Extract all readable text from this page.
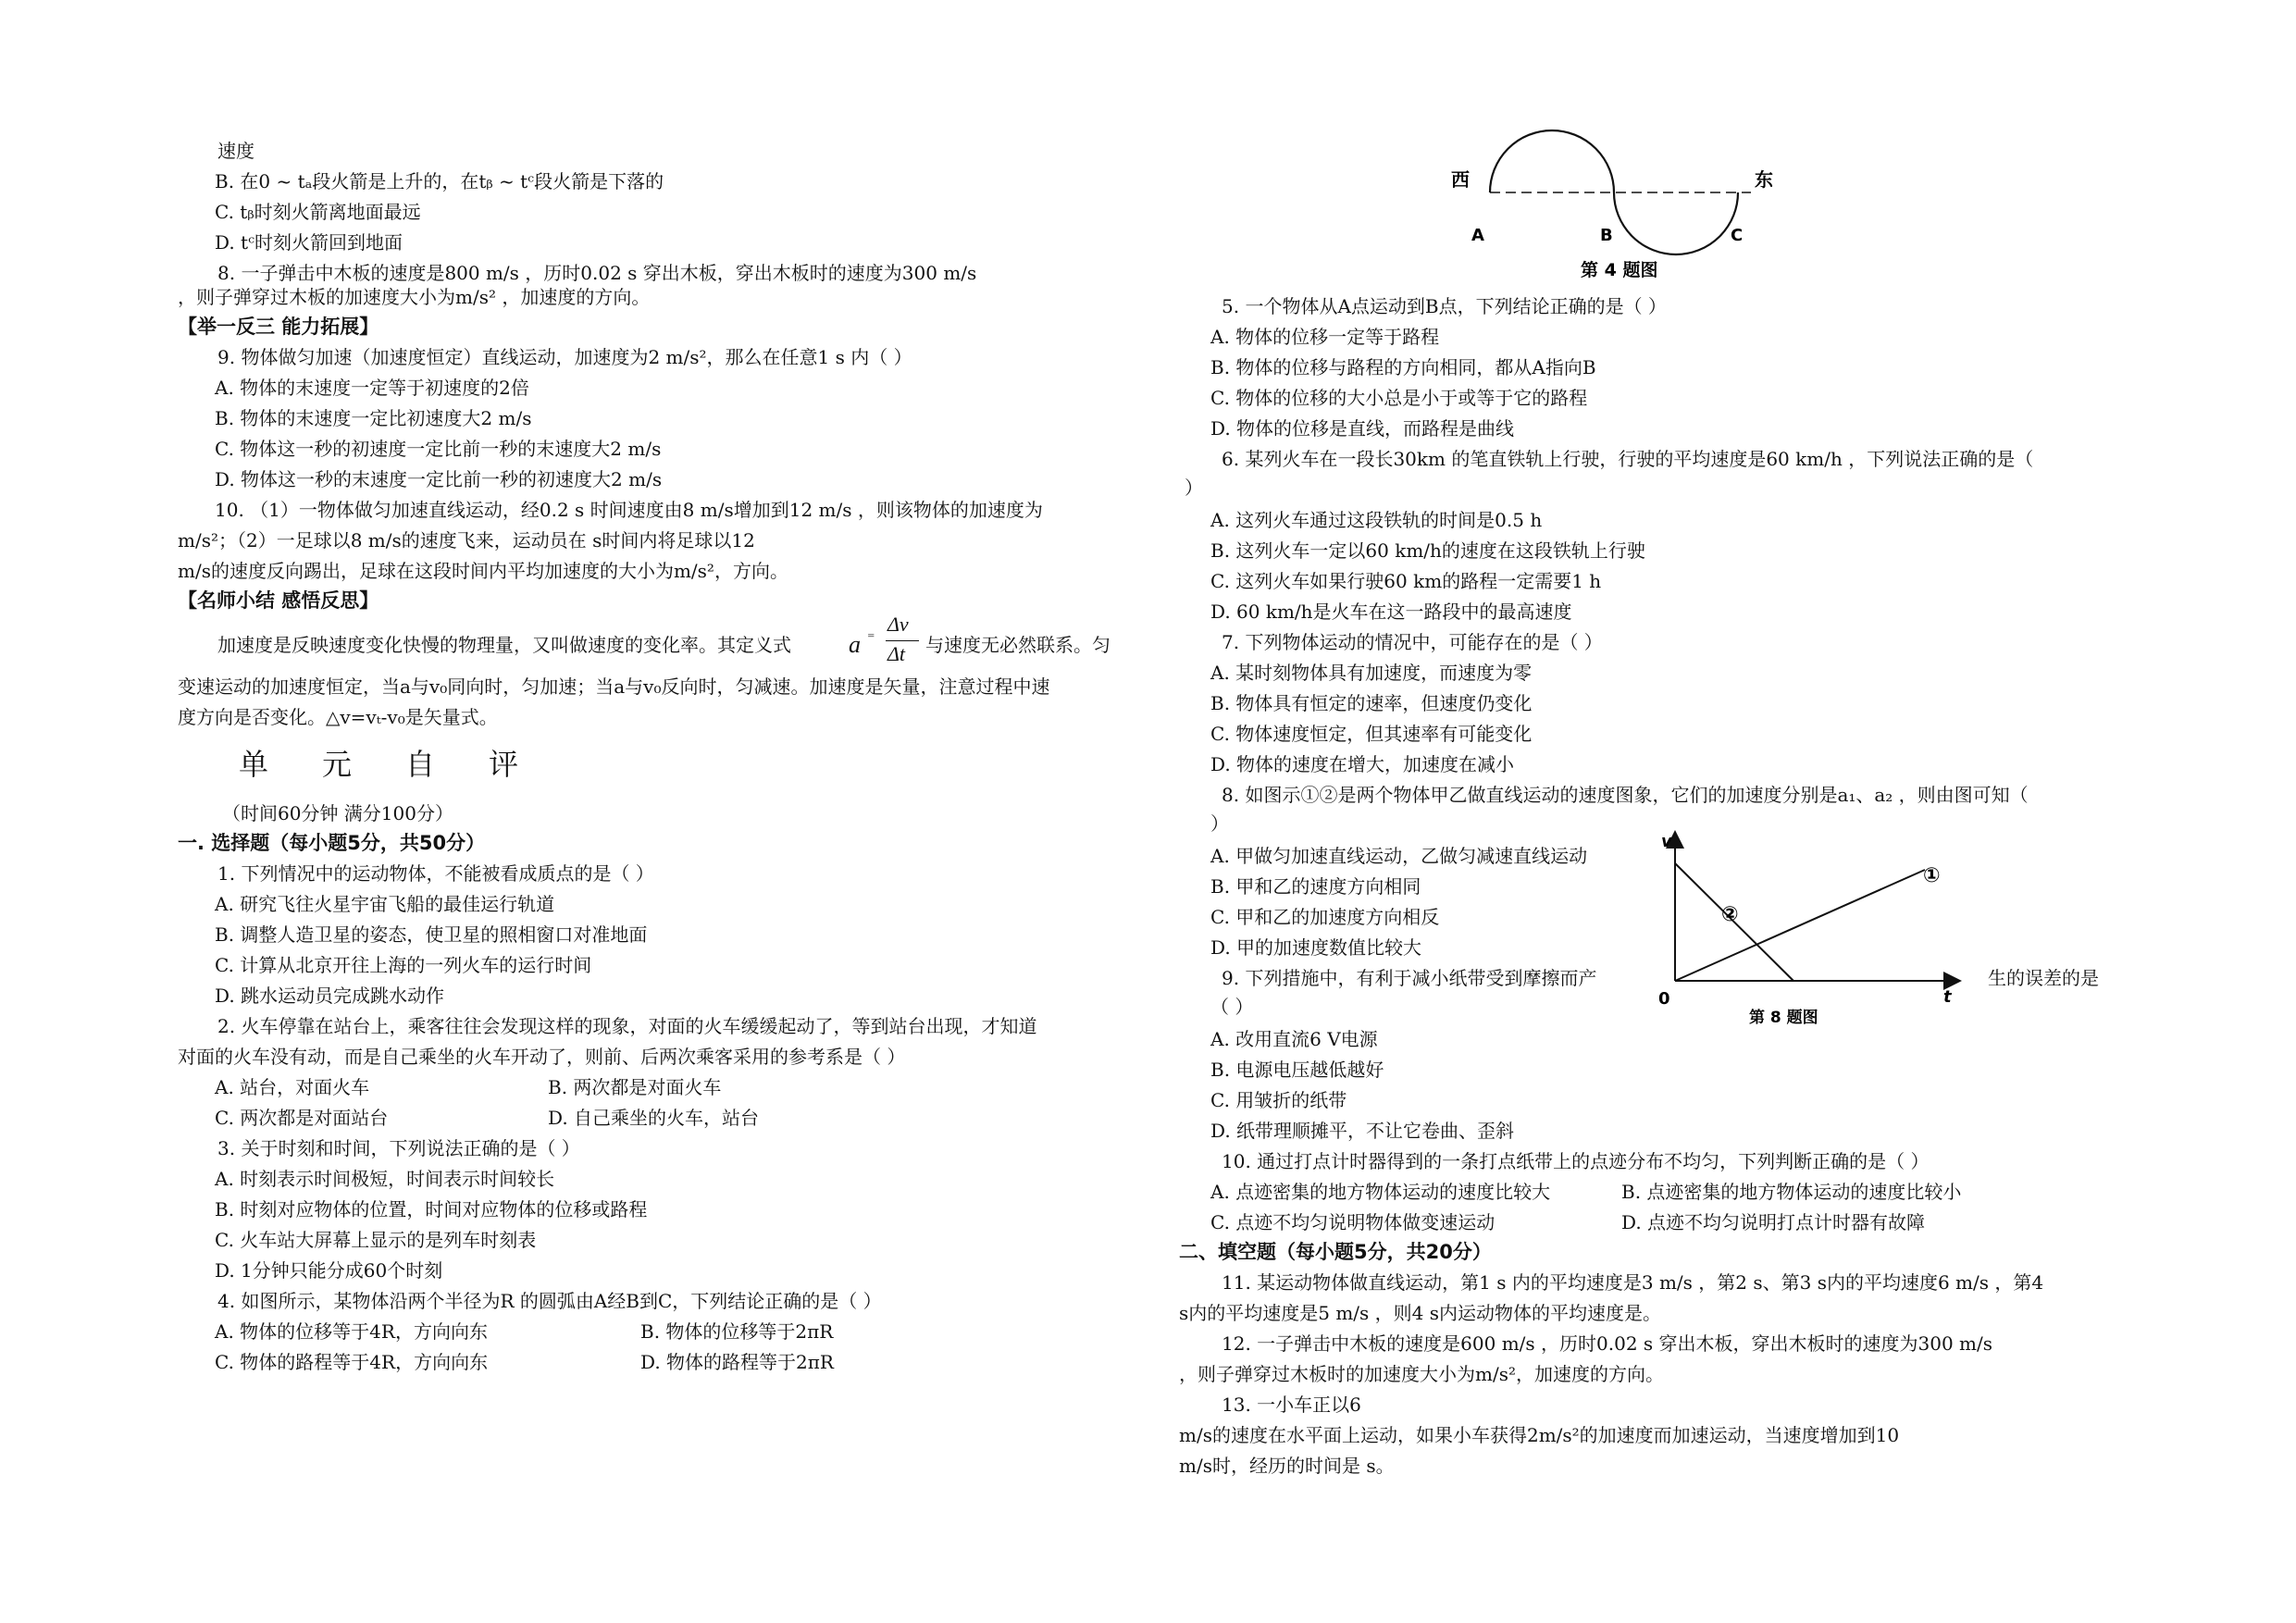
速度
B. 在0 ~ tₐ段火箭是上升的，在tᵦ ~ tᶜ段火箭是下落的
C. tᵦ时刻火箭离地面最远
D. tᶜ时刻火箭回到地面
8. 一子弹击中木板的速度是800 m/s ，历时0.02 s 穿出木板，穿出木板时的速度为300 m/s
，则子弹穿过木板的加速度大小为m/s² ，加速度的方向。
【举一反三 能力拓展】
9. 物体做匀加速（加速度恒定）直线运动，加速度为2 m/s²，那么在任意1 s 内（ ）
A. 物体的末速度一定等于初速度的2倍
B. 物体的末速度一定比初速度大2 m/s
C. 物体这一秒的初速度一定比前一秒的末速度大2 m/s
D. 物体这一秒的末速度一定比前一秒的初速度大2 m/s
10. （1）一物体做匀加速直线运动，经0.2 s 时间速度由8 m/s增加到12 m/s ，则该物体的加速度为
m/s²；（2）一足球以8 m/s的速度飞来，运动员在 s时间内将足球以12
m/s的速度反向踢出，足球在这段时间内平均加速度的大小为m/s²，方向。
【名师小结 感悟反思】
加速度是反映速度变化快慢的物理量，又叫做速度的变化率。其定义式 a ⁼
Δv
Δt 与速度无必然联系。匀
变速运动的加速度恒定，当a与v₀同向时，匀加速；当a与v₀反向时，匀减速。加速度是矢量，注意过程中速
度方向是否变化。△v=vₜ-v₀是矢量式。
单元自评
（时间60分钟 满分100分）
一. 选择题（每小题5分，共50分）
1. 下列情况中的运动物体，不能被看成质点的是（ ）
A. 研究飞往火星宇宙飞船的最佳运行轨道
B. 调整人造卫星的姿态，使卫星的照相窗口对准地面
C. 计算从北京开往上海的一列火车的运行时间
D. 跳水运动员完成跳水动作
2. 火车停靠在站台上，乘客往往会发现这样的现象，对面的火车缓缓起动了，等到站台出现，才知道
对面的火车没有动，而是自己乘坐的火车开动了，则前、后两次乘客采用的参考系是（ ）
A. 站台，对面火车	B. 两次都是对面火车
C. 两次都是对面站台	D. 自己乘坐的火车，站台
3. 关于时刻和时间，下列说法正确的是（ ）
A. 时刻表示时间极短，时间表示时间较长
B. 时刻对应物体的位置，时间对应物体的位移或路程
C. 火车站大屏幕上显示的是列车时刻表
D. 1分钟只能分成60个时刻
4. 如图所示，某物体沿两个半径为R 的圆弧由A经B到C，下列结论正确的是（ ）
A. 物体的位移等于4R，方向向东	B. 物体的位移等于2πR
C. 物体的路程等于4R，方向向东	D. 物体的路程等于2πR
西	东
A	B	C
第 4 题图
5. 一个物体从A点运动到B点，下列结论正确的是（ ）
A. 物体的位移一定等于路程
B. 物体的位移与路程的方向相同，都从A指向B
C. 物体的位移的大小总是小于或等于它的路程
D. 物体的位移是直线，而路程是曲线
6. 某列火车在一段长30km 的笔直铁轨上行驶，行驶的平均速度是60 km/h ，下列说法正确的是（
）
A. 这列火车通过这段铁轨的时间是0.5 h
B. 这列火车一定以60 km/h的速度在这段铁轨上行驶
C. 这列火车如果行驶60 km的路程一定需要1 h
D. 60 km/h是火车在这一路段中的最高速度
7. 下列物体运动的情况中，可能存在的是（ ）
A. 某时刻物体具有加速度，而速度为零
B. 物体具有恒定的速率，但速度仍变化
C. 物体速度恒定，但其速率有可能变化
D. 物体的速度在增大，加速度在减小
8. 如图示①②是两个物体甲乙做直线运动的速度图象，它们的加速度分别是a₁、a₂ ，则由图可知（
）
A. 甲做匀加速直线运动，乙做匀减速直线运动
B. 甲和乙的速度方向相同
C. 甲和乙的加速度方向相反
D. 甲的加速度数值比较大
9. 下列措施中，有利于减小纸带受到摩擦而产	生的误差的是
（ ）
A. 改用直流6 V电源
B. 电源电压越低越好
C. 用皱折的纸带
D. 纸带理顺摊平，不让它卷曲、歪斜
10. 通过打点计时器得到的一条打点纸带上的点迹分布不均匀，下列判断正确的是（ ）
A. 点迹密集的地方物体运动的速度比较大	B. 点迹密集的地方物体运动的速度比较小
C. 点迹不均匀说明物体做变速运动	D. 点迹不均匀说明打点计时器有故障
二、填空题（每小题5分，共20分）
11. 某运动物体做直线运动，第1 s 内的平均速度是3 m/s ，第2 s、第3 s内的平均速度6 m/s ，第4
s内的平均速度是5 m/s ，则4 s内运动物体的平均速度是。
12. 一子弹击中木板的速度是600 m/s ，历时0.02 s 穿出木板，穿出木板时的速度为300 m/s
，则子弹穿过木板时的加速度大小为m/s²，加速度的方向。
13. 一小车正以6
m/s的速度在水平面上运动，如果小车获得2m/s²的加速度而加速运动，当速度增加到10
m/s时，经历的时间是 s。
v
t
0
①
②
第 8 题图
